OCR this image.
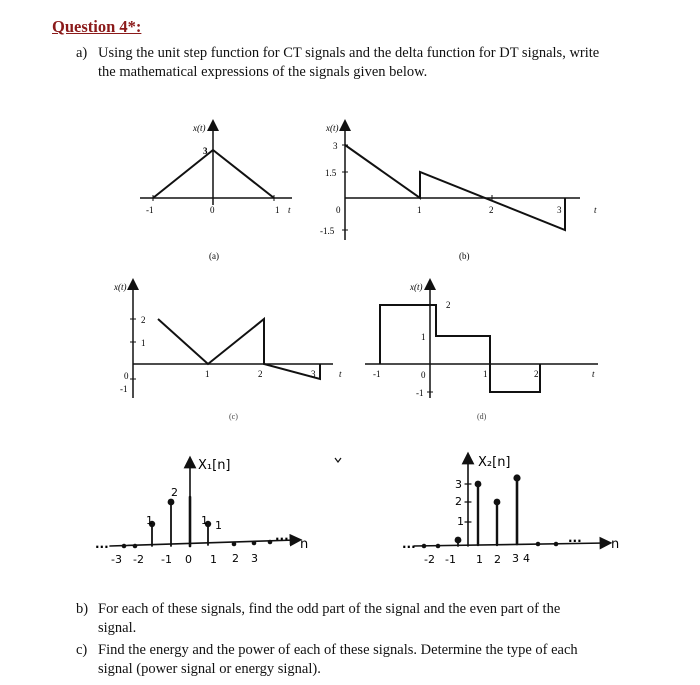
Question 4*:
a) Using the unit step function for CT signals and the delta function for DT signals, write
the mathematical expressions of the signals given below.
b) For each of these signals, find the odd part of the signal and the even part of the
signal.
c) Find the energy and the power of each of these signals. Determine the type of each
signal (power signal or energy signal).
x(t)
3
-1	0	1 t
(a)
x(t)
3
1.5
0
-1.5
1	2	3	t
(b)
x(t)
2
1
0
-1
1	2	3	t
(c)
x(t)
2
1
0
-1
-1	1	2	t
(d)
X₁[n]
...
...
n
2
1	1 1
-3 -2 -1 0 1 2 3
X₂[n]
...	... n
3
2
1
-2 -1 1 2 3 4
